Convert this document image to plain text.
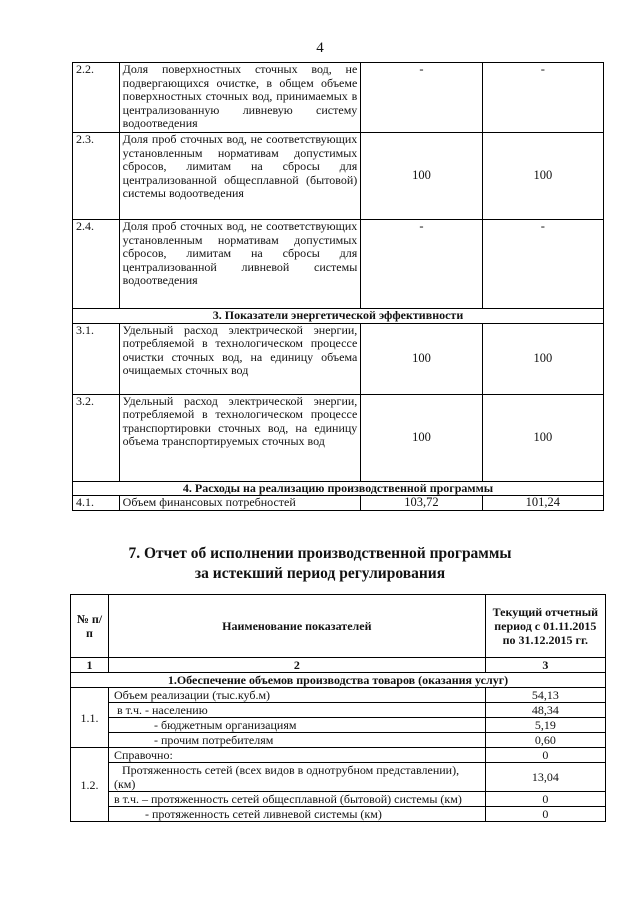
4
2.2.	Доля поверхностных сточных вод, не подвергающихся очистке, в общем объеме поверхностных сточных вод, принимаемых в централизованную ливневую систему водоотведения	-	-
2.3.	Доля проб сточных вод, не соответствующих установленным нормативам допустимых сбросов, лимитам на сбросы для централизованной общесплавной (бытовой) системы водоотведения	100	100
2.4.	Доля проб сточных вод, не соответствующих установленным нормативам допустимых сбросов, лимитам на сбросы для централизованной ливневой системы водоотведения	-	-
3. Показатели энергетической эффективности			
3.1.	Удельный расход электрической энергии, потребляемой в технологическом процессе очистки сточных вод, на единицу объема очищаемых сточных вод	100	100
3.2.	Удельный расход электрической энергии, потребляемой в технологическом процессе транспортировки сточных вод, на единицу объема транспортируемых сточных вод	100	100
4. Расходы на реализацию производственной программы			
4.1.	Объем финансовых потребностей	103,72	101,24
7. Отчет об исполнении производственной программы
за истекший период регулирования
№ п/п	Наименование показателей	Текущий отчетный период с 01.11.2015 по 31.12.2015 гг.
1	2	3
1.Обеспечение объемов производства товаров (оказания услуг)		
1.1.	Объем реализации (тыс.куб.м)	54,13
	в т.ч. - населению	48,34
	- бюджетным организациям	5,19
	- прочим потребителям	0,60
1.2.	Справочно:	0
	Протяженность сетей (всех видов в однотрубном представлении), (км)	13,04
	в т.ч. – протяженность сетей общесплавной (бытовой) системы (км)	0
	- протяженность сетей ливневой системы (км)	0
